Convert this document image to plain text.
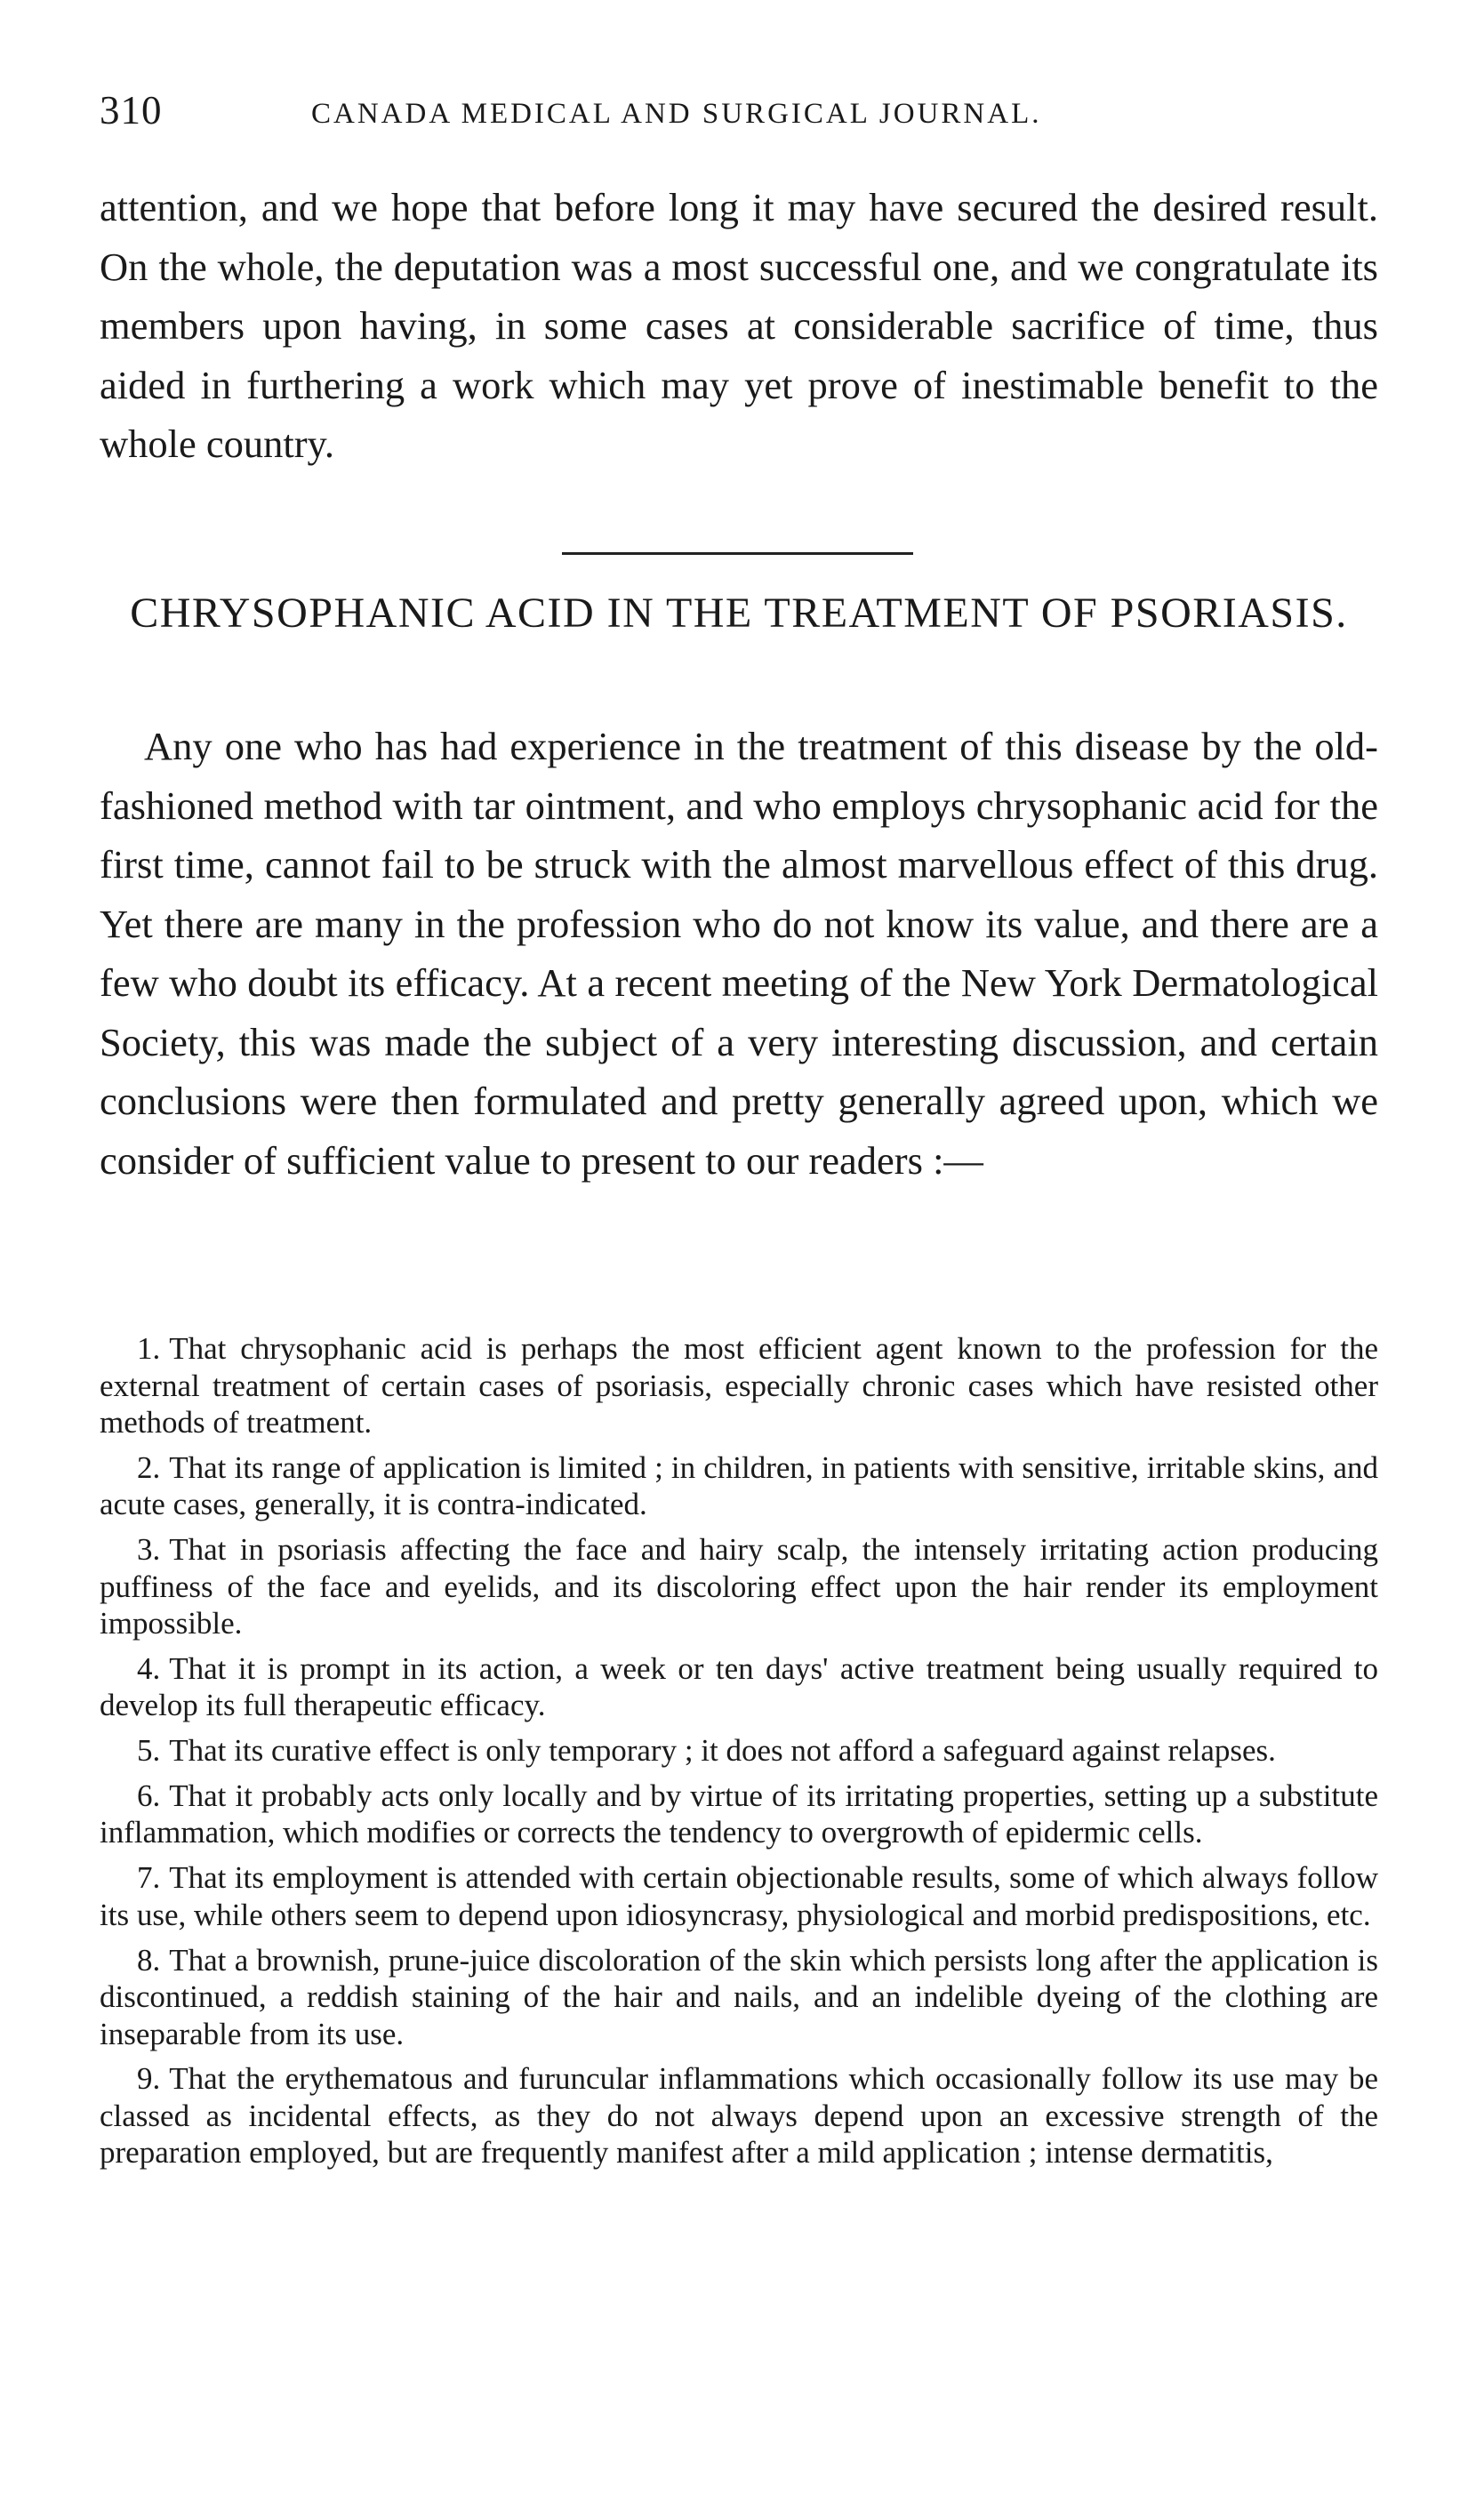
310	CANADA MEDICAL AND SURGICAL JOURNAL.

attention, and we hope that before long it may have secured the desired result. On the whole, the deputation was a most successful one, and we congratulate its members upon having, in some cases at considerable sacrifice of time, thus aided in furthering a work which may yet prove of inestimable benefit to the whole country.

CHRYSOPHANIC ACID IN THE TREATMENT OF PSORIASIS.

Any one who has had experience in the treatment of this disease by the old-fashioned method with tar ointment, and who employs chrysophanic acid for the first time, cannot fail to be struck with the almost marvellous effect of this drug. Yet there are many in the profession who do not know its value, and there are a few who doubt its efficacy. At a recent meeting of the New York Dermatological Society, this was made the subject of a very interesting discussion, and certain conclusions were then formulated and pretty generally agreed upon, which we consider of sufficient value to present to our readers :—

1. That chrysophanic acid is perhaps the most efficient agent known to the profession for the external treatment of certain cases of psoriasis, especially chronic cases which have resisted other methods of treatment.
2. That its range of application is limited ; in children, in patients with sensitive, irritable skins, and acute cases, generally, it is contra-indicated.
3. That in psoriasis affecting the face and hairy scalp, the intensely irritating action producing puffiness of the face and eyelids, and its discoloring effect upon the hair render its employment impossible.
4. That it is prompt in its action, a week or ten days' active treatment being usually required to develop its full therapeutic efficacy.
5. That its curative effect is only temporary ; it does not afford a safeguard against relapses.
6. That it probably acts only locally and by virtue of its irritating properties, setting up a substitute inflammation, which modifies or corrects the tendency to overgrowth of epidermic cells.
7. That its employment is attended with certain objectionable results, some of which always follow its use, while others seem to depend upon idiosyncrasy, physiological and morbid predispositions, etc.
8. That a brownish, prune-juice discoloration of the skin which persists long after the application is discontinued, a reddish staining of the hair and nails, and an indelible dyeing of the clothing are inseparable from its use.
9. That the erythematous and furuncular inflammations which occasionally follow its use may be classed as incidental effects, as they do not always depend upon an excessive strength of the preparation employed, but are frequently manifest after a mild application ; intense dermatitis,
